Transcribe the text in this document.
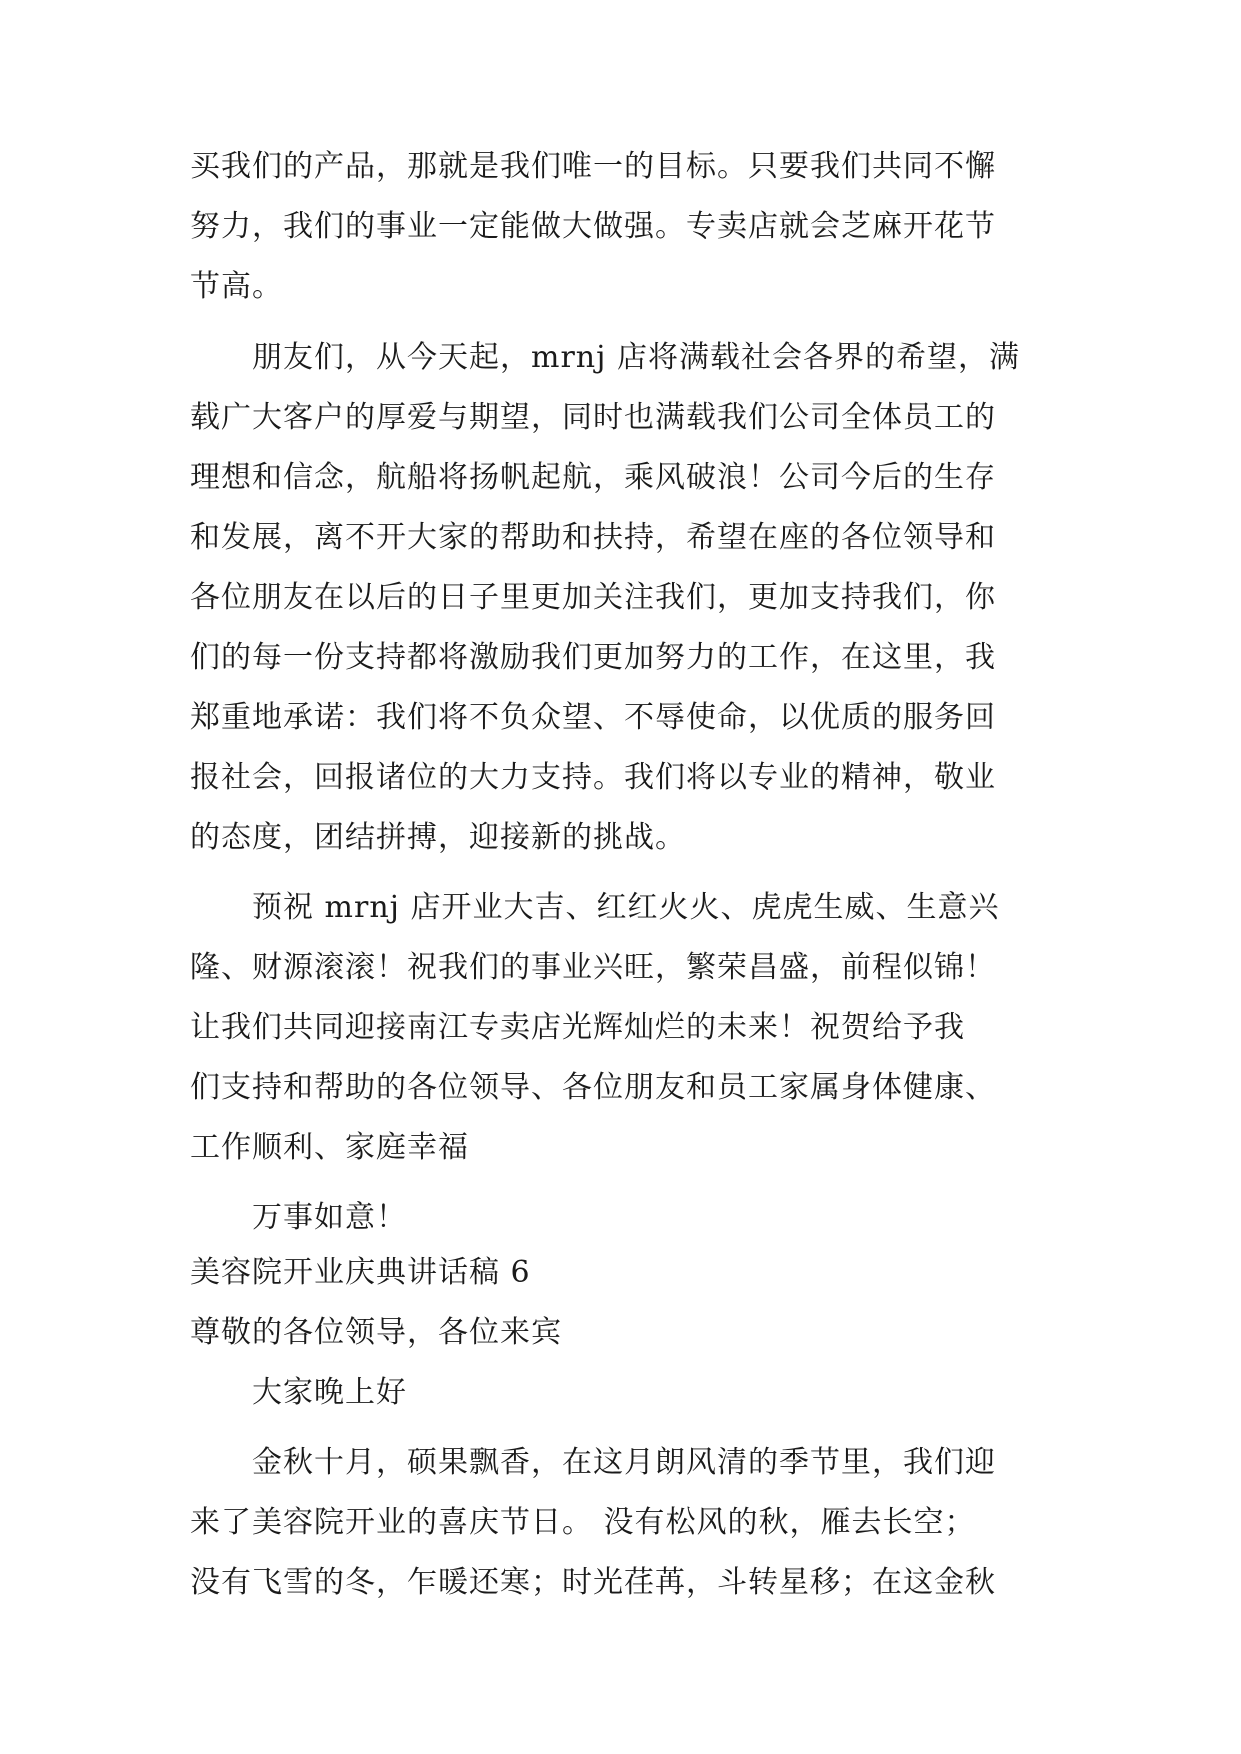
买我们的产品，那就是我们唯一的目标。只要我们共同不懈
努力，我们的事业一定能做大做强。专卖店就会芝麻开花节
节高。
朋友们，从今天起，mrnj 店将满载社会各界的希望，满
载广大客户的厚爱与期望，同时也满载我们公司全体员工的
理想和信念，航船将扬帆起航，乘风破浪！公司今后的生存
和发展，离不开大家的帮助和扶持，希望在座的各位领导和
各位朋友在以后的日子里更加关注我们，更加支持我们，你
们的每一份支持都将激励我们更加努力的工作，在这里，我
郑重地承诺：我们将不负众望、不辱使命，以优质的服务回
报社会，回报诸位的大力支持。我们将以专业的精神，敬业
的态度，团结拼搏，迎接新的挑战。
预祝 mrnj 店开业大吉、红红火火、虎虎生威、生意兴
隆、财源滚滚！祝我们的事业兴旺，繁荣昌盛，前程似锦！
让我们共同迎接南江专卖店光辉灿烂的未来！祝贺给予我
们支持和帮助的各位领导、各位朋友和员工家属身体健康、
工作顺利、家庭幸福
万事如意！
美容院开业庆典讲话稿 6
尊敬的各位领导，各位来宾
大家晚上好
金秋十月，硕果飘香，在这月朗风清的季节里，我们迎
来了美容院开业的喜庆节日。 没有松风的秋，雁去长空；
没有飞雪的冬，乍暖还寒；时光荏苒，斗转星移；在这金秋
